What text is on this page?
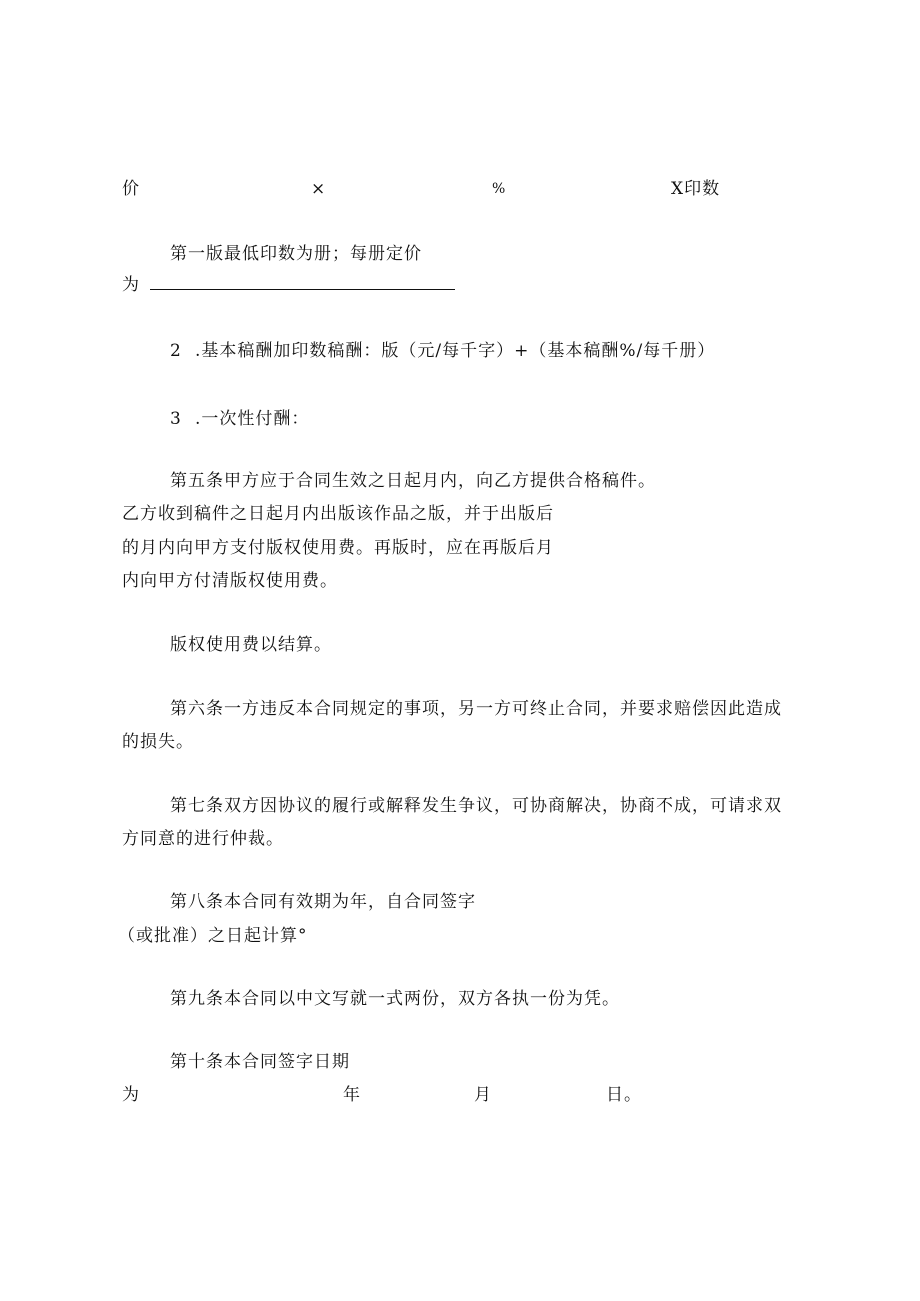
价	×	%	X印数
第一版最低印数为册；每册定价
为
2 .基本稿酬加印数稿酬：版（元/每千字）+（基本稿酬%/每千册）
3 .一次性付酬：
第五条甲方应于合同生效之日起月内，向乙方提供合格稿件。
乙方收到稿件之日起月内出版该作品之版，并于出版后
的月内向甲方支付版权使用费。再版时，应在再版后月
内向甲方付清版权使用费。
版权使用费以结算。
第六条一方违反本合同规定的事项，另一方可终止合同，并要求赔偿因此造成
的损失。
第七条双方因协议的履行或解释发生争议，可协商解决，协商不成，可请求双
方同意的进行仲裁。
第八条本合同有效期为年，自合同签字
（或批准）之日起计算°
第九条本合同以中文写就一式两份，双方各执一份为凭。
第十条本合同签字日期
为	年	月	日。
